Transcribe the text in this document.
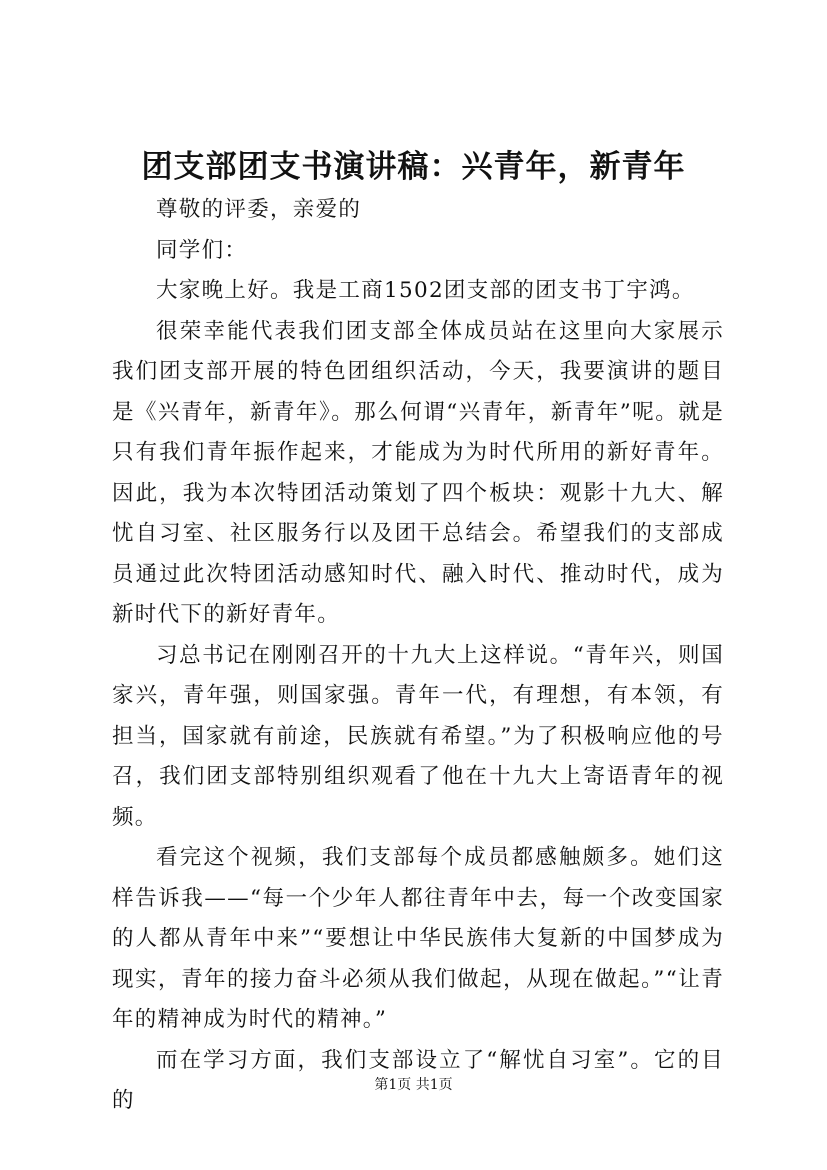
团支部团支书演讲稿：兴青年，新青年

尊敬的评委，亲爱的

同学们：

大家晚上好。我是工商1502团支部的团支书丁宇鸿。

很荣幸能代表我们团支部全体成员站在这里向大家展示我们团支部开展的特色团组织活动，今天，我要演讲的题目是《兴青年，新青年》。那么何谓“兴青年，新青年”呢。就是只有我们青年振作起来，才能成为为时代所用的新好青年。因此，我为本次特团活动策划了四个板块：观影十九大、解忧自习室、社区服务行以及团干总结会。希望我们的支部成员通过此次特团活动感知时代、融入时代、推动时代，成为新时代下的新好青年。

习总书记在刚刚召开的十九大上这样说。“青年兴，则国家兴，青年强，则国家强。青年一代，有理想，有本领，有担当，国家就有前途，民族就有希望。”为了积极响应他的号召，我们团支部特别组织观看了他在十九大上寄语青年的视频。

看完这个视频，我们支部每个成员都感触颇多。她们这样告诉我——“每一个少年人都往青年中去，每一个改变国家的人都从青年中来”“要想让中华民族伟大复新的中国梦成为现实，青年的接力奋斗必须从我们做起，从现在做起。”“让青年的精神成为时代的精神。”

而在学习方面，我们支部设立了“解忧自习室”。它的目的

第1页 共1页
